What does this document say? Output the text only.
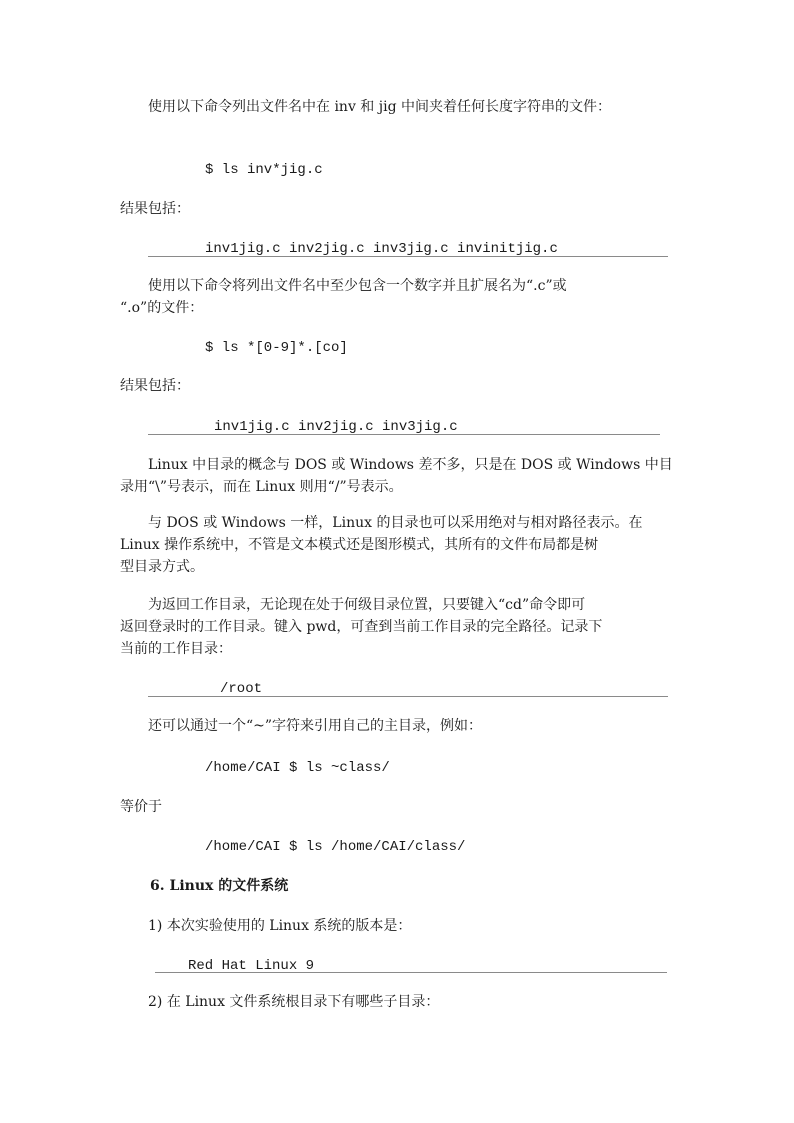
使用以下命令列出文件名中在 inv 和 jig 中间夹着任何长度字符串的文件：
$ ls inv*jig.c
结果包括：
inv1jig.c inv2jig.c inv3jig.c invinitjig.c
使用以下命令将列出文件名中至少包含一个数字并且扩展名为“.c”或
“.o”的文件：
$ ls *[0-9]*.[co]
结果包括：
inv1jig.c inv2jig.c inv3jig.c
Linux 中目录的概念与 DOS 或 Windows 差不多，只是在 DOS 或 Windows 中目
录用“\”号表示，而在 Linux 则用“/”号表示。
与 DOS 或 Windows 一样，Linux 的目录也可以采用绝对与相对路径表示。在
Linux 操作系统中，不管是文本模式还是图形模式，其所有的文件布局都是树
型目录方式。
为返回工作目录，无论现在处于何级目录位置，只要键入“cd”命令即可
返回登录时的工作目录。键入 pwd，可查到当前工作目录的完全路径。记录下
当前的工作目录：
/root
还可以通过一个“~”字符来引用自己的主目录，例如：
/home/CAI $ ls ~class/
等价于
/home/CAI $ ls /home/CAI/class/
6. Linux 的文件系统
1) 本次实验使用的 Linux 系统的版本是：
Red Hat Linux 9
2) 在 Linux 文件系统根目录下有哪些子目录：
